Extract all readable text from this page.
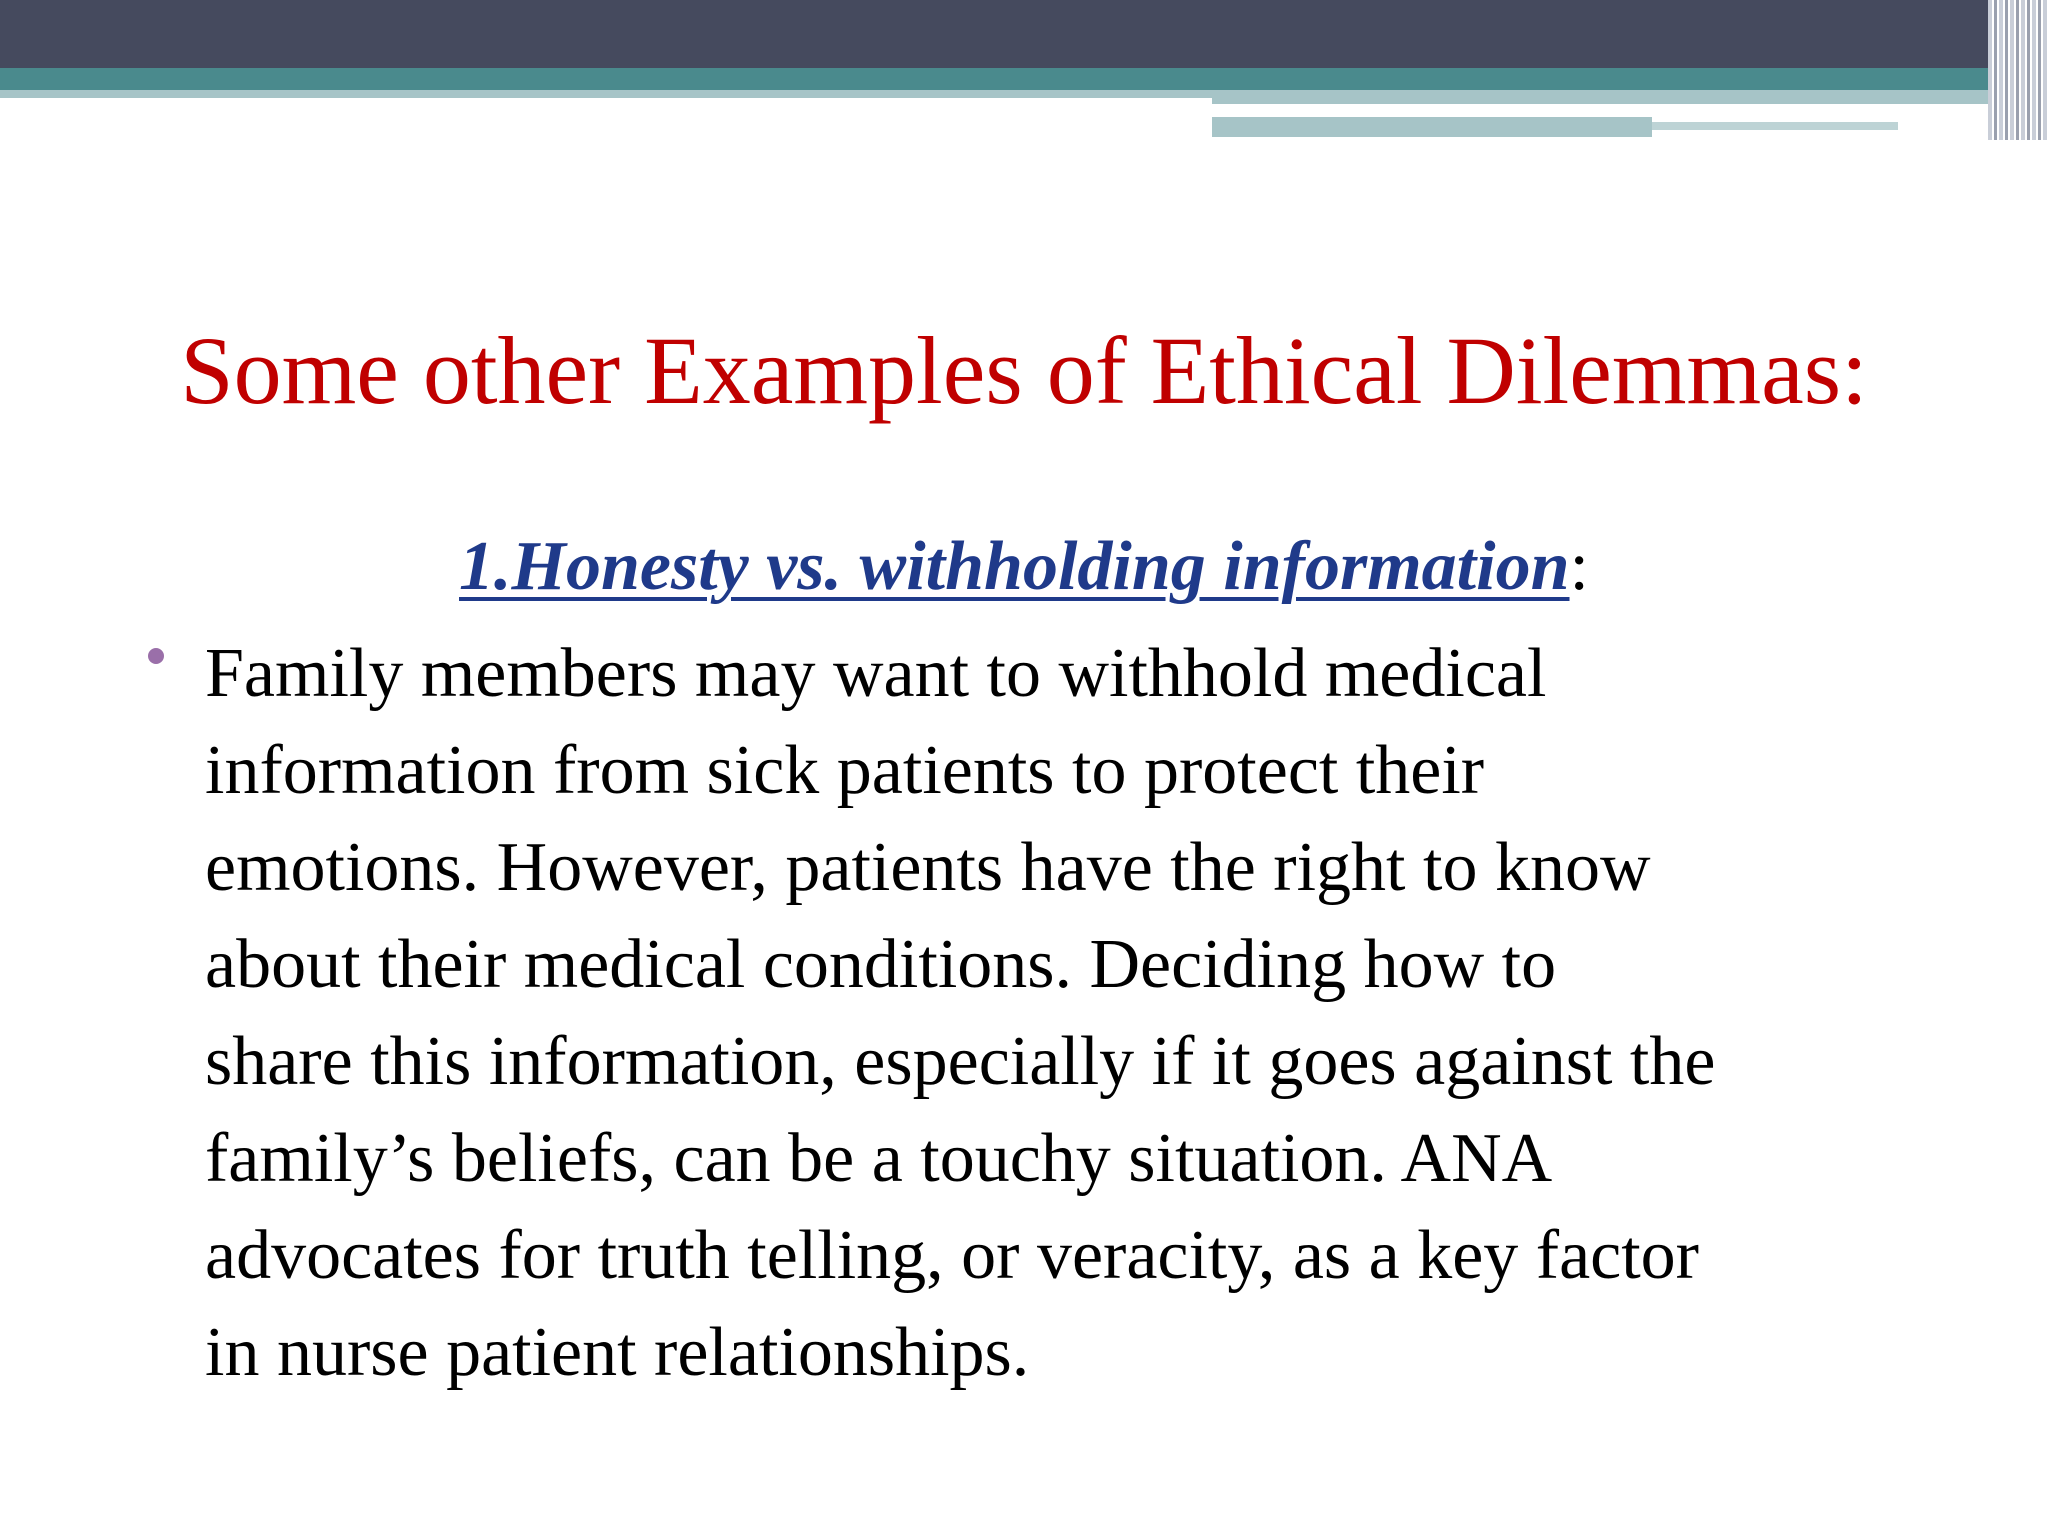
Some other Examples of Ethical Dilemmas:
1.Honesty vs. withholding information:
Family members may want to withhold medical
information from sick patients to protect their
emotions. However, patients have the right to know
about their medical conditions. Deciding how to
share this information, especially if it goes against the
family’s beliefs, can be a touchy situation. ANA
advocates for truth telling, or veracity, as a key factor
in nurse patient relationships.
